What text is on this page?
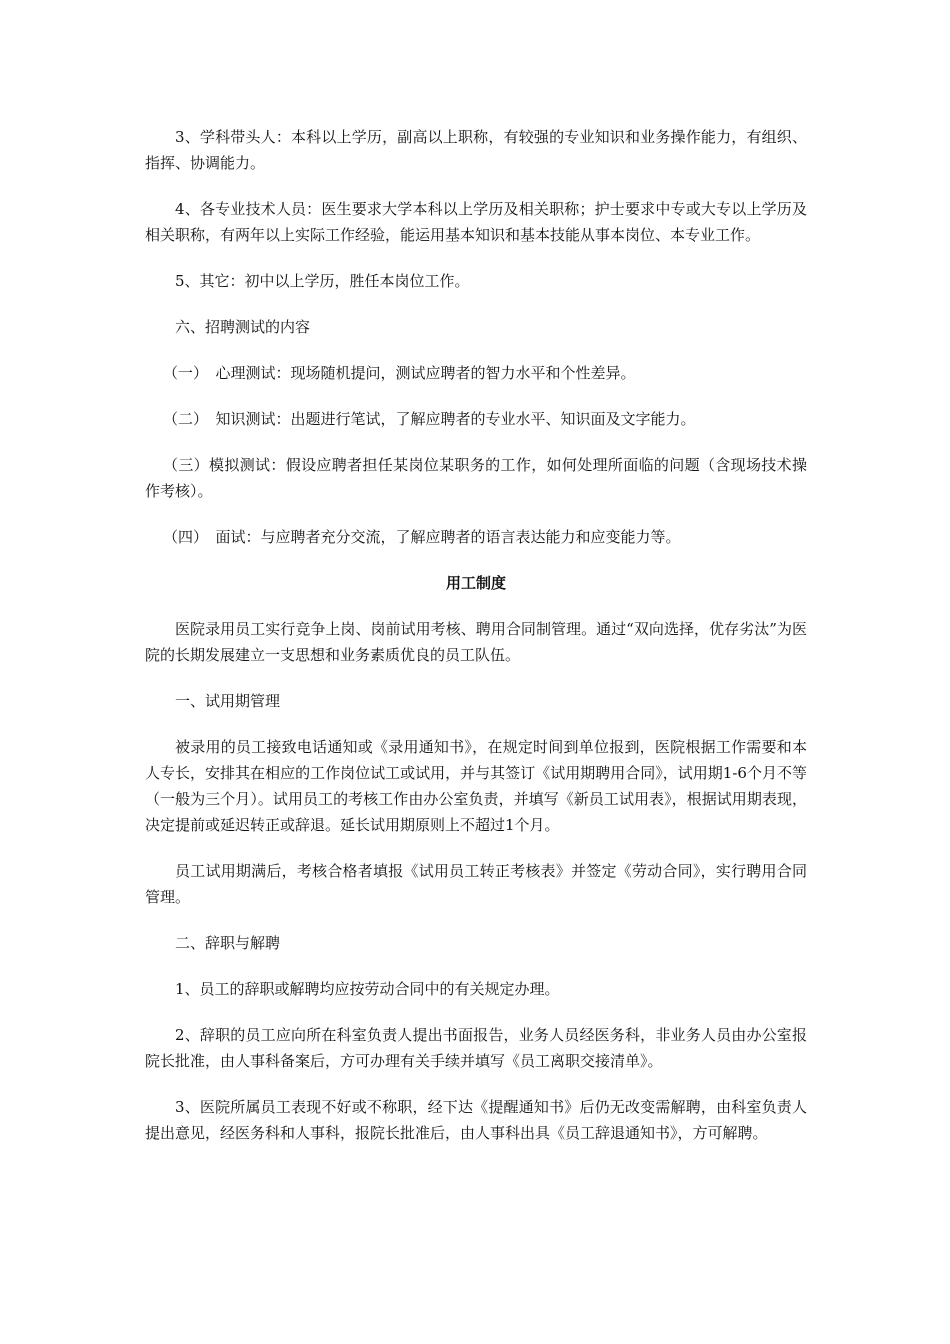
3、学科带头人：本科以上学历，副高以上职称，有较强的专业知识和业务操作能力，有组织、指挥、协调能力。

4、各专业技术人员：医生要求大学本科以上学历及相关职称；护士要求中专或大专以上学历及相关职称，有两年以上实际工作经验，能运用基本知识和基本技能从事本岗位、本专业工作。

5、其它：初中以上学历，胜任本岗位工作。

六、招聘测试的内容

（一）　心理测试：现场随机提问，测试应聘者的智力水平和个性差异。

（二）　知识测试：出题进行笔试，了解应聘者的专业水平、知识面及文字能力。

（三）模拟测试：假设应聘者担任某岗位某职务的工作，如何处理所面临的问题（含现场技术操作考核）。

（四）　面试：与应聘者充分交流，了解应聘者的语言表达能力和应变能力等。

用工制度

医院录用员工实行竞争上岗、岗前试用考核、聘用合同制管理。通过“双向选择，优存劣汰”为医院的长期发展建立一支思想和业务素质优良的员工队伍。

一、试用期管理

被录用的员工接致电话通知或《录用通知书》，在规定时间到单位报到，医院根据工作需要和本人专长，安排其在相应的工作岗位试工或试用，并与其签订《试用期聘用合同》，试用期1-6个月不等（一般为三个月）。试用员工的考核工作由办公室负责，并填写《新员工试用表》，根据试用期表现，决定提前或延迟转正或辞退。延长试用期原则上不超过1个月。

员工试用期满后，考核合格者填报《试用员工转正考核表》并签定《劳动合同》，实行聘用合同管理。

二、辞职与解聘

1、员工的辞职或解聘均应按劳动合同中的有关规定办理。

2、辞职的员工应向所在科室负责人提出书面报告，业务人员经医务科，非业务人员由办公室报院长批准，由人事科备案后，方可办理有关手续并填写《员工离职交接清单》。

3、医院所属员工表现不好或不称职，经下达《提醒通知书》后仍无改变需解聘，由科室负责人提出意见，经医务科和人事科，报院长批准后，由人事科出具《员工辞退通知书》，方可解聘。
